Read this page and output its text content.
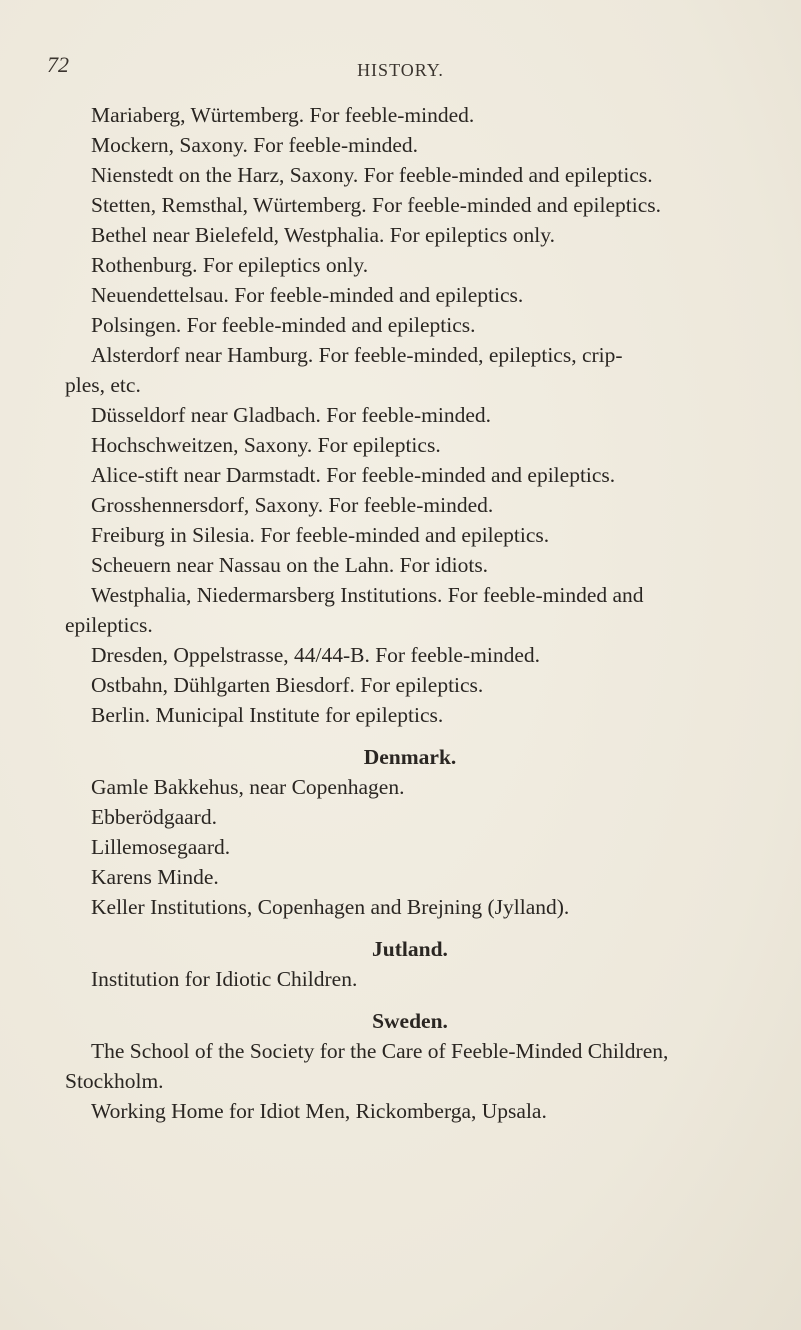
72	HISTORY.

Mariaberg, Würtemberg. For feeble-minded.

Mockern, Saxony. For feeble-minded.

Nienstedt on the Harz, Saxony. For feeble-minded and epileptics.

Stetten, Remsthal, Würtemberg. For feeble-minded and epileptics.

Bethel near Bielefeld, Westphalia. For epileptics only.

Rothenburg. For epileptics only.

Neuendettelsau. For feeble-minded and epileptics.

Polsingen. For feeble-minded and epileptics.

Alsterdorf near Hamburg. For feeble-minded, epileptics, crip-

ples, etc.

Düsseldorf near Gladbach. For feeble-minded.

Hochschweitzen, Saxony. For epileptics.

Alice-stift near Darmstadt. For feeble-minded and epileptics.

Grosshennersdorf, Saxony. For feeble-minded.

Freiburg in Silesia. For feeble-minded and epileptics.

Scheuern near Nassau on the Lahn. For idiots.

Westphalia, Niedermarsberg Institutions. For feeble-minded and

epileptics.

Dresden, Oppelstrasse, 44/44-B. For feeble-minded.

Ostbahn, Dühlgarten Biesdorf. For epileptics.

Berlin. Municipal Institute for epileptics.

Denmark.

Gamle Bakkehus, near Copenhagen.

Ebberödgaard.

Lillemosegaard.

Karens Minde.

Keller Institutions, Copenhagen and Brejning (Jylland).

Jutland.

Institution for Idiotic Children.

Sweden.

The School of the Society for the Care of Feeble-Minded Children,

Stockholm.

Working Home for Idiot Men, Rickomberga, Upsala.
